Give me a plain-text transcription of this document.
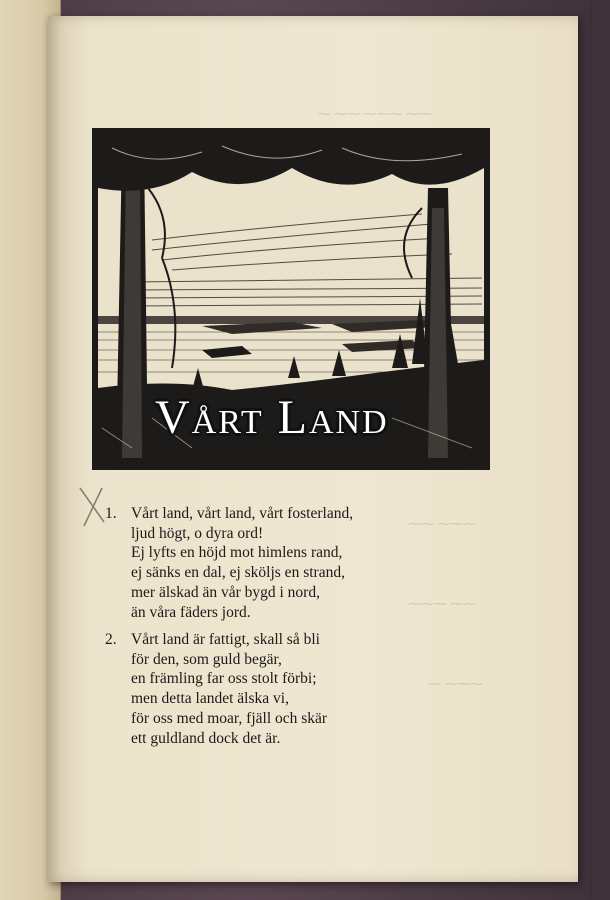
⁓ ⁓⁓ ⁓⁓⁓ ⁓⁓
⁓⁓ ⁓⁓⁓
⁓⁓⁓ ⁓⁓
⁓ ⁓⁓⁓
Vårt Land
1. Vårt land, vårt land, vårt fosterland,
ljud högt, o dyra ord!
Ej lyfts en höjd mot himlens rand,
ej sänks en dal, ej sköljs en strand,
mer älskad än vår bygd i nord,
än våra fäders jord.
2. Vårt land är fattigt, skall så bli
för den, som guld begär,
en främling far oss stolt förbi;
men detta landet älska vi,
för oss med moar, fjäll och skär
ett guldland dock det är.
